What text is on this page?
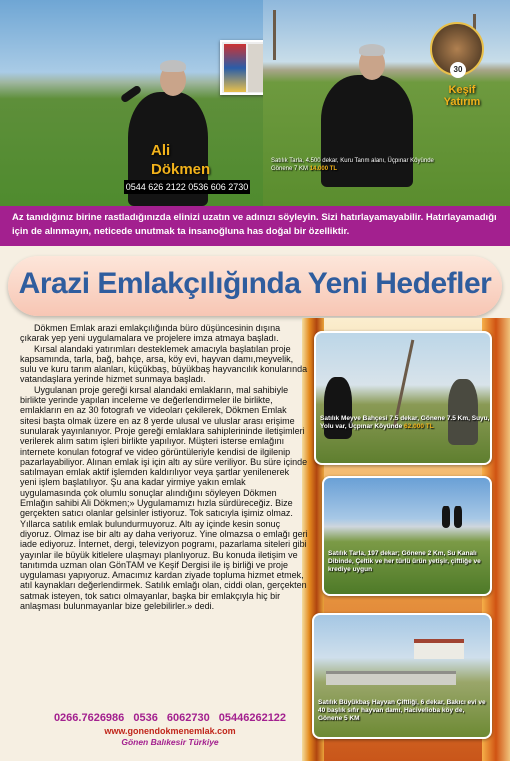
30
Keşif
Yatırım
Ali
Dökmen
0544 626 2122 0536 606 2730
Satılık Tarla, 4.500 dekar, Kuru Tarım alanı, Üçpınar Köyünde Gönene 7 KM 14.000 TL
Az tanıdığınız birine rastladığınızda elinizi uzatın ve adınızı söyleyin. Sizi hatırlayamayabilir. Hatırlayamadığı için de alınmayın, neticede unutmak ta insanoğluna has doğal bir özelliktir.
Arazi Emlakçılığında Yeni Hedefler

Dökmen Emlak arazi emlakçılığında büro düşüncesinin dışına çıkarak yep yeni uygulamalara ve projelere imza atmaya başladı.

Kırsal alandaki yatırımları desteklemek amacıyla başlatılan proje kapsamında, tarla, bağ, bahçe, arsa, köy evi, hayvan damı,meyvelik, sulu ve kuru tarım alanları, küçükbaş, büyükbaş hayvancılık konularında vatandaşlara yerinde hizmet sunmaya başladı.

Uygulanan proje gereği kırsal alandaki emlakların, mal sahibiyle birlikte yerinde yapılan inceleme ve değerlendirmeler ile birlikte, emlakların en az 30 fotografı ve videoları çekilerek, Dökmen Emlak sitesi başta olmak üzere en az 8 yerde ulusal ve uluslar arası erişime sunularak yayınlanıyor. Proje gereği emlaklara sahiplerininde iletişimleri verilerek alım satım işleri birlikte yapılıyor. Müşteri isterse emlağını internete konulan fotograf ve video görüntüleriyle kendisi de ilgilenip pazarlayabiliyor. Alınan emlak işi için altı ay süre veriliyor. Bu süre içinde satılmayan emlak aktif işlemden kaldırılıyor veya şartlar yenilenerek yeni işlem başlatılıyor. Şu ana kadar yirmiye yakın emlak uygulamasında çok olumlu sonuçlar alındığını söyleyen Dökmen Emlağın sahibi Ali Dökmen;» Uygulamamızı hızla sürdüreceğiz. Bize gerçekten satıcı olanlar gelsinler istiyoruz. Tok satıcıyla işimiz olmaz. Yıllarca satılık emlak bulundurmuyoruz. Altı ay içinde kesin sonuç diyoruz. Olmaz ise bir altı ay daha veriyoruz. Yine olmazsa o emlağı geri iade ediyoruz. İnternet, dergi, televizyon pogramı, pazarlama siteleri gibi yayınlar ile büyük kitlelere ulaşmayı planlıyoruz. Bu konuda iletişim ve tanıtımda uzman olan GönTAM ve Keşif Dergisi ile iş birliği ve proje uygulaması yapıyoruz. Amacımız kardan ziyade topluma hizmet etmek, atıl kaynakları değerlendirmek. Satılık emlağı olan, ciddi olan, gerçekten satmak isteyen, tok satıcı olmayanlar, başka bir emlakçıyla hiç bir anlaşması bulunmayanlar bize gelebilirler.» dedi.

Satılık Meyve Bahçesi 7.5 dekar, Gönene 7.5 Km, Suyu, Yolu var, Üçpınar Köyünde 62.000 TL
Satılık Tarla, 197 dekar; Gönene 2 Km, Su Kanalı Dibinde, Çeltik ve her türlü ürün yetişir, çiftliğe ve krediye uygun
Satılık Büyükbaş Hayvan Çiftliği, 6 dekar, Bakıcı evi ve 40 başlık sıfır hayvan damı, Hacivelioba köy de, Gönene 5 KM
0266.7626986 0536 6062730 05446262122
www.gonendokmenemlak.com
Gönen Balıkesir Türkiye
